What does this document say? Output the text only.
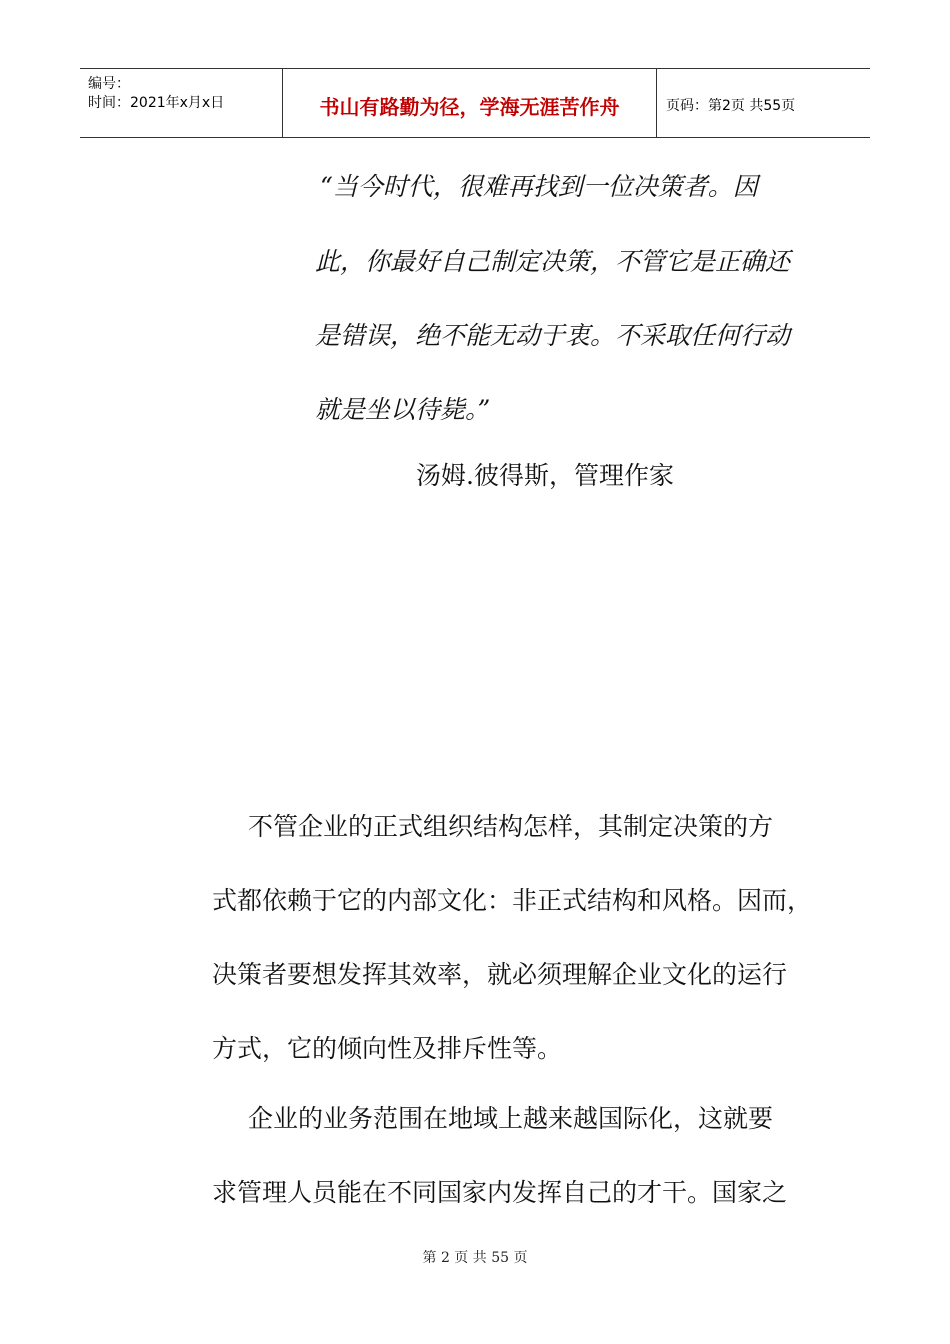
编号：
时间：2021年x月x日	书山有路勤为径，学海无涯苦作舟	页码：第2页 共55页
“当今时代，很难再找到一位决策者。因
此，你最好自己制定决策，不管它是正确还
是错误，绝不能无动于衷。不采取任何行动
就是坐以待毙。”
汤姆.彼得斯，管理作家
不管企业的正式组织结构怎样，其制定决策的方
式都依赖于它的内部文化：非正式结构和风格。因而，
决策者要想发挥其效率，就必须理解企业文化的运行
方式，它的倾向性及排斥性等。
企业的业务范围在地域上越来越国际化，这就要
求管理人员能在不同国家内发挥自己的才干。国家之
第 2 页 共 55 页
